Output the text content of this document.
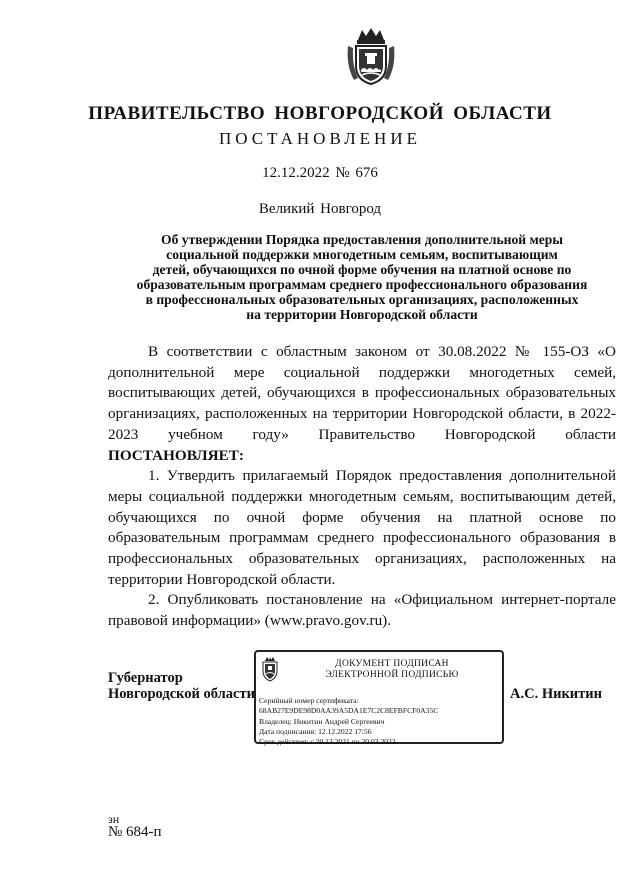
ПРАВИТЕЛЬСТВО НОВГОРОДСКОЙ ОБЛАСТИ
ПОСТАНОВЛЕНИЕ
12.12.2022 № 676
Великий Новгород
Об утверждении Порядка предоставления дополнительной меры
социальной поддержки многодетным семьям, воспитывающим
детей, обучающихся по очной форме обучения на платной основе по
образовательным программам среднего профессионального образования
в профессиональных образовательных организациях, расположенных
на территории Новгородской области

В соответствии с областным законом от 30.08.2022 № 155-ОЗ «О дополнительной мере социальной поддержки многодетных семей, воспитывающих детей, обучающихся в профессиональных образовательных организациях, расположенных на территории Новгородской области, в 2022-2023 учебном году» Правительство Новгородской области ПОСТАНОВЛЯЕТ:

1. Утвердить прилагаемый Порядок предоставления дополнительной меры социальной поддержки многодетным семьям, воспитывающим детей, обучающихся по очной форме обучения на платной основе по образовательным программам среднего профессионального образования в профессиональных образовательных организациях, расположенных на территории Новгородской области.

2. Опубликовать постановление на «Официальном интернет-портале правовой информации» (www.pravo.gov.ru).

Губернатор
Новгородской области
ДОКУМЕНТ ПОДПИСАН
ЭЛЕКТРОННОЙ ПОДПИСЬЮ
Серийный номер сертификата:
68AB27E9DE98D0AA39A5DA1E7C2C8EFBFCF0A35C
Владелец: Никитин Андрей Сергеевич
Дата подписания: 12.12.2022 17:56
Срок действия: с 20.12.2021 по 20.03.2023
А.С. Никитин
зн
№ 684-п
